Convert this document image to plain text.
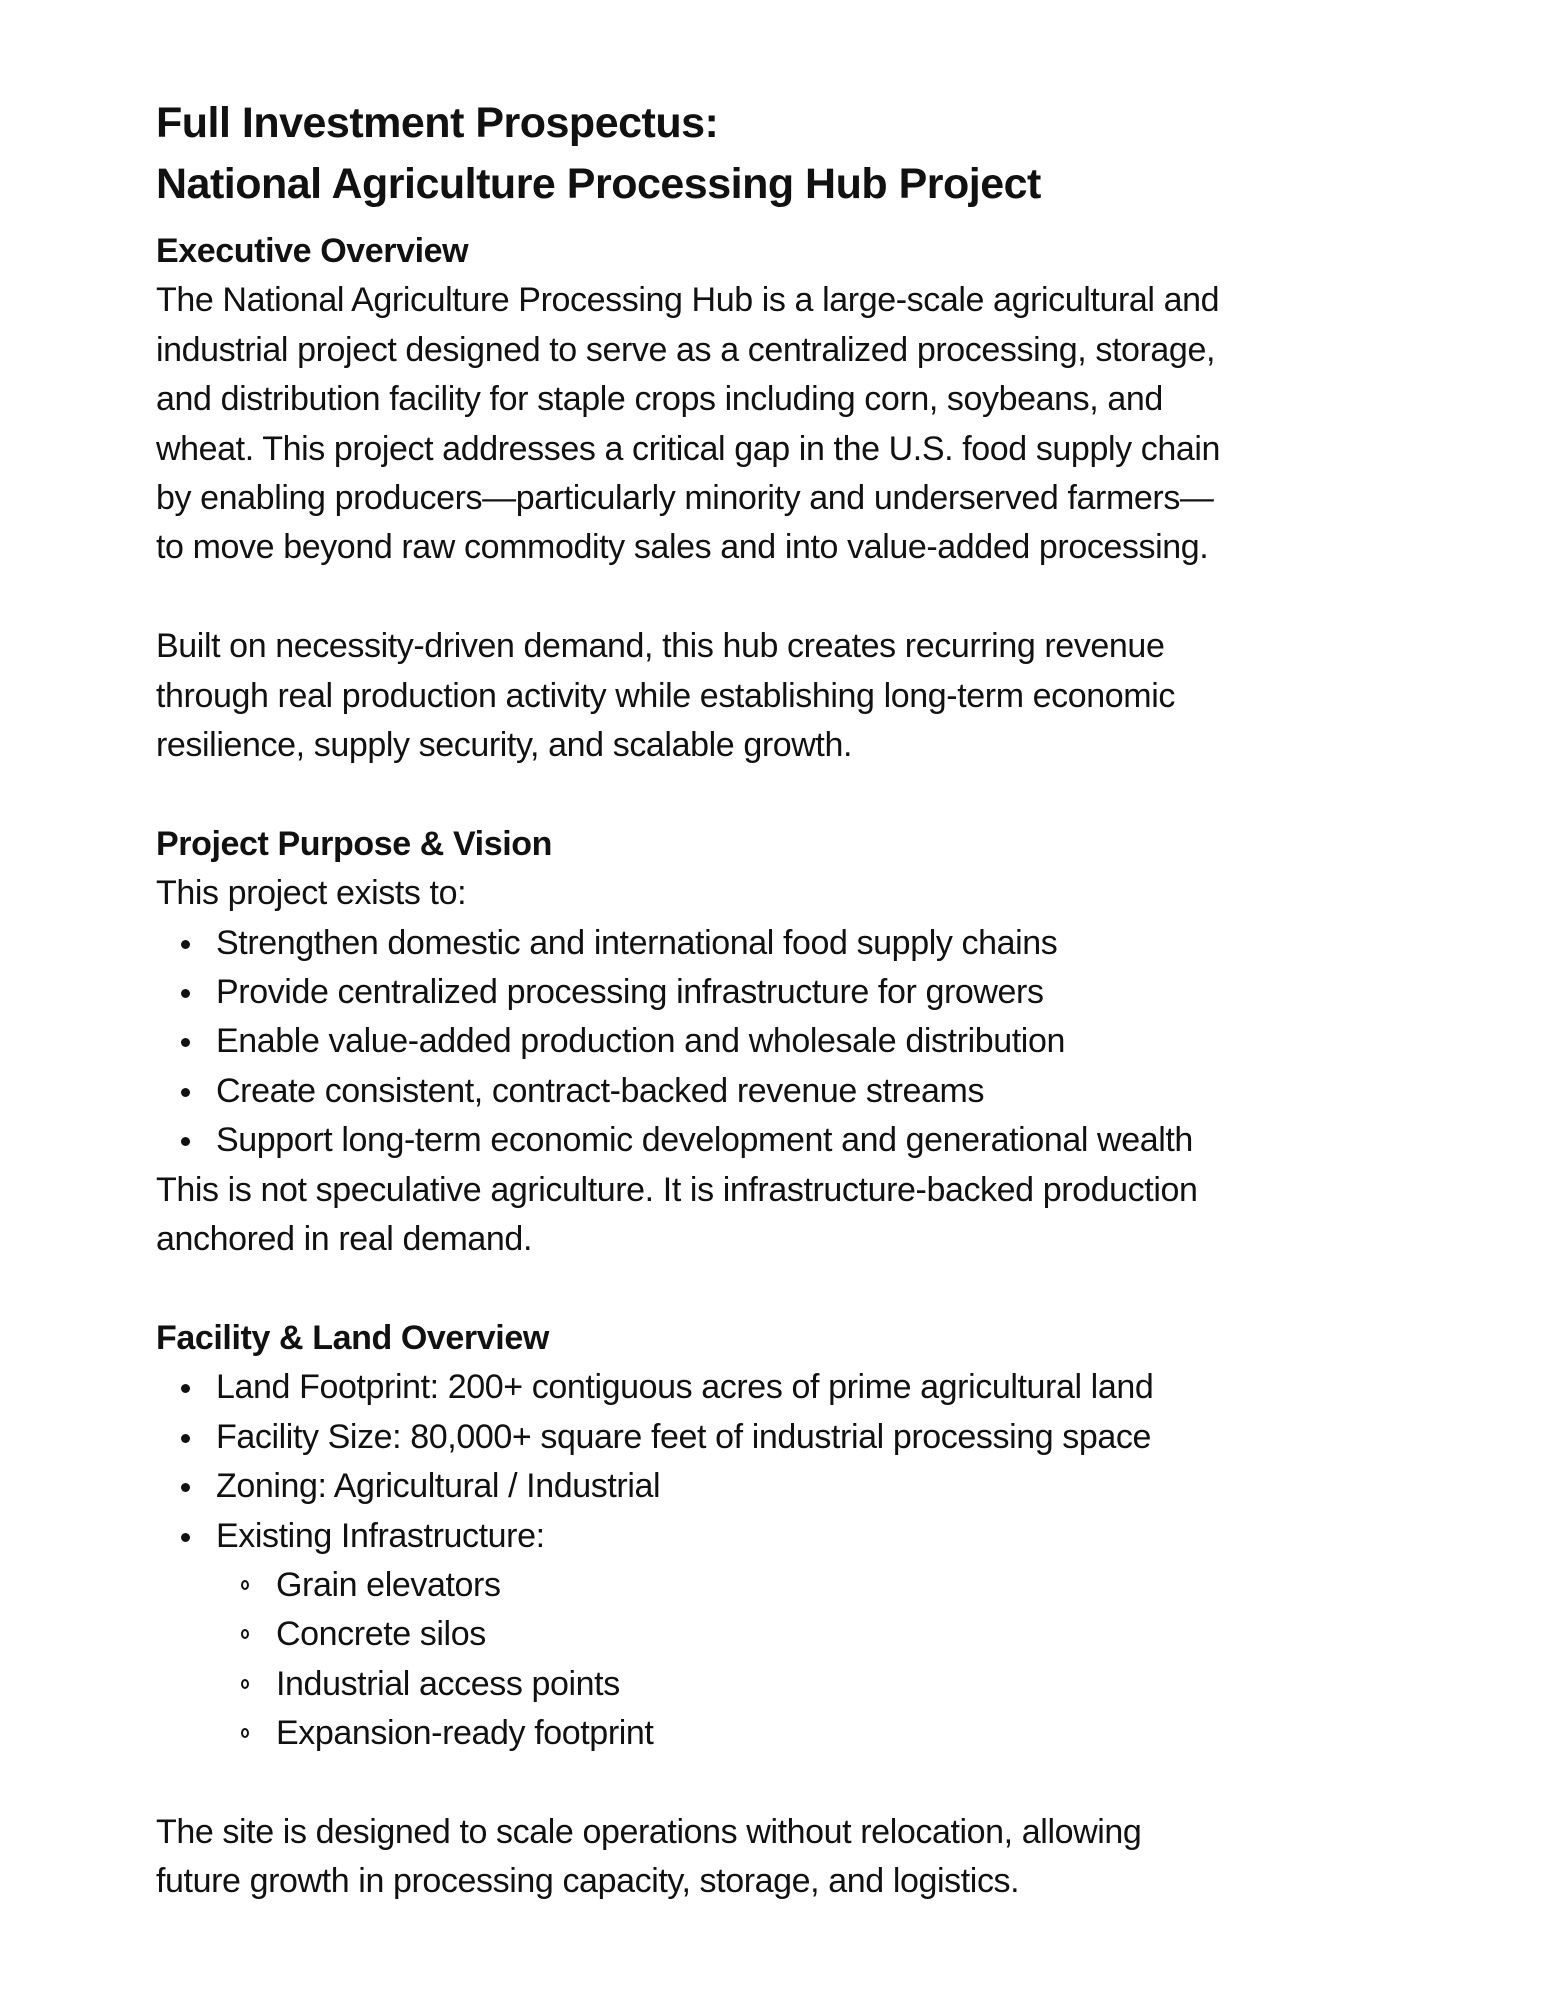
Full Investment Prospectus:
National Agriculture Processing Hub Project
Executive Overview
The National Agriculture Processing Hub is a large-scale agricultural and
industrial project designed to serve as a centralized processing, storage,
and distribution facility for staple crops including corn, soybeans, and
wheat. This project addresses a critical gap in the U.S. food supply chain
by enabling producers—particularly minority and underserved farmers—
to move beyond raw commodity sales and into value-added processing.
Built on necessity-driven demand, this hub creates recurring revenue
through real production activity while establishing long-term economic
resilience, supply security, and scalable growth.
Project Purpose & Vision
This project exists to:
Strengthen domestic and international food supply chains
Provide centralized processing infrastructure for growers
Enable value-added production and wholesale distribution
Create consistent, contract-backed revenue streams
Support long-term economic development and generational wealth
This is not speculative agriculture. It is infrastructure-backed production
anchored in real demand.
Facility & Land Overview
Land Footprint: 200+ contiguous acres of prime agricultural land
Facility Size: 80,000+ square feet of industrial processing space
Zoning: Agricultural / Industrial
Existing Infrastructure:
Grain elevators
Concrete silos
Industrial access points
Expansion-ready footprint
The site is designed to scale operations without relocation, allowing
future growth in processing capacity, storage, and logistics.
